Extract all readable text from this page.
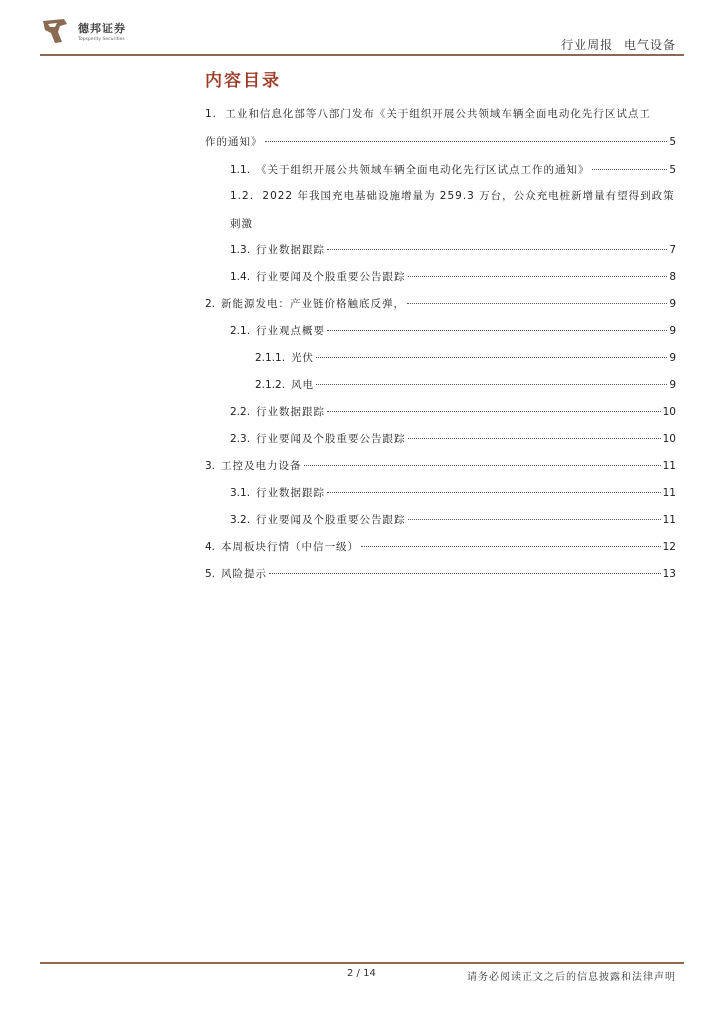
德邦证券
Topsperity Securities	行业周报 电气设备
内容目录
1. 工业和信息化部等八部门发布《关于组织开展公共领域车辆全面电动化先行区试点工
作的通知》	5
1.1. 《关于组织开展公共领域车辆全面电动化先行区试点工作的通知》	5
1.2. 2022 年我国充电基础设施增量为 259.3 万台，公众充电桩新增量有望得到政策
刺激
1.3. 行业数据跟踪	7
1.4. 行业要闻及个股重要公告跟踪	8
2. 新能源发电：产业链价格触底反弹，	9
2.1. 行业观点概要	9
2.1.1. 光伏	9
2.1.2. 风电	9
2.2. 行业数据跟踪	10
2.3. 行业要闻及个股重要公告跟踪	10
3. 工控及电力设备	11
3.1. 行业数据跟踪	11
3.2. 行业要闻及个股重要公告跟踪	11
4. 本周板块行情（中信一级）	12
5. 风险提示	13
2 / 14	请务必阅读正文之后的信息披露和法律声明
